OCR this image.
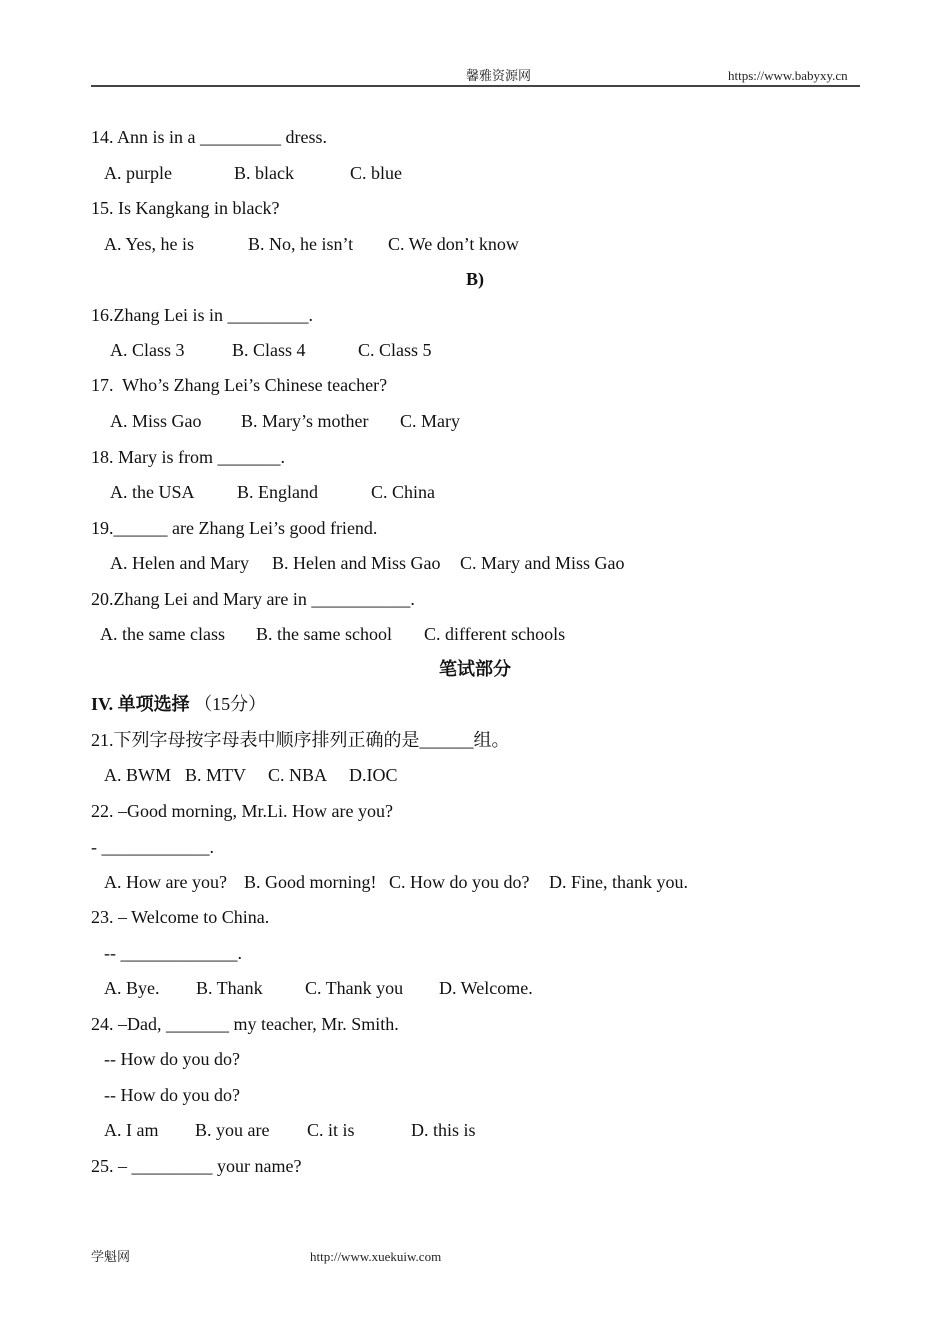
馨雅资源网	https://www.babyxy.cn
14. Ann is in a _________ dress.
A. purple	B. black	C. blue
15. Is Kangkang in black?
A. Yes, he is	B. No, he isn’t C. We don’t know
B)
16.Zhang Lei is in _________.
A. Class 3	B. Class 4	C. Class 5
17.  Who’s Zhang Lei’s Chinese teacher?
A. Miss Gao B. Mary’s mother C. Mary
18. Mary is from _______.
A. the USA B. England	C. China
19.______ are Zhang Lei’s good friend.
A. Helen and Mary B. Helen and Miss Gao C. Mary and Miss Gao
20.Zhang Lei and Mary are in ___________.
A. the same class B. the same school C. different schools
笔试部分
IV. 单项选择 （15分）
21.下列字母按字母表中顺序排列正确的是______组。
A. BWM B. MTV C. NBA D.IOC
22. –Good morning, Mr.Li. How are you?
- ____________.
A. How are you? B. Good morning! C. How do you do? D. Fine, thank you.
23. – Welcome to China.
-- _____________.
A. Bye. B. Thank C. Thank you D. Welcome.
24. –Dad, _______ my teacher, Mr. Smith.
-- How do you do?
-- How do you do?
A. I am B. you are C. it is	D. this is
25. – _________ your name?
学魁网	http://www.xuekuiw.com
